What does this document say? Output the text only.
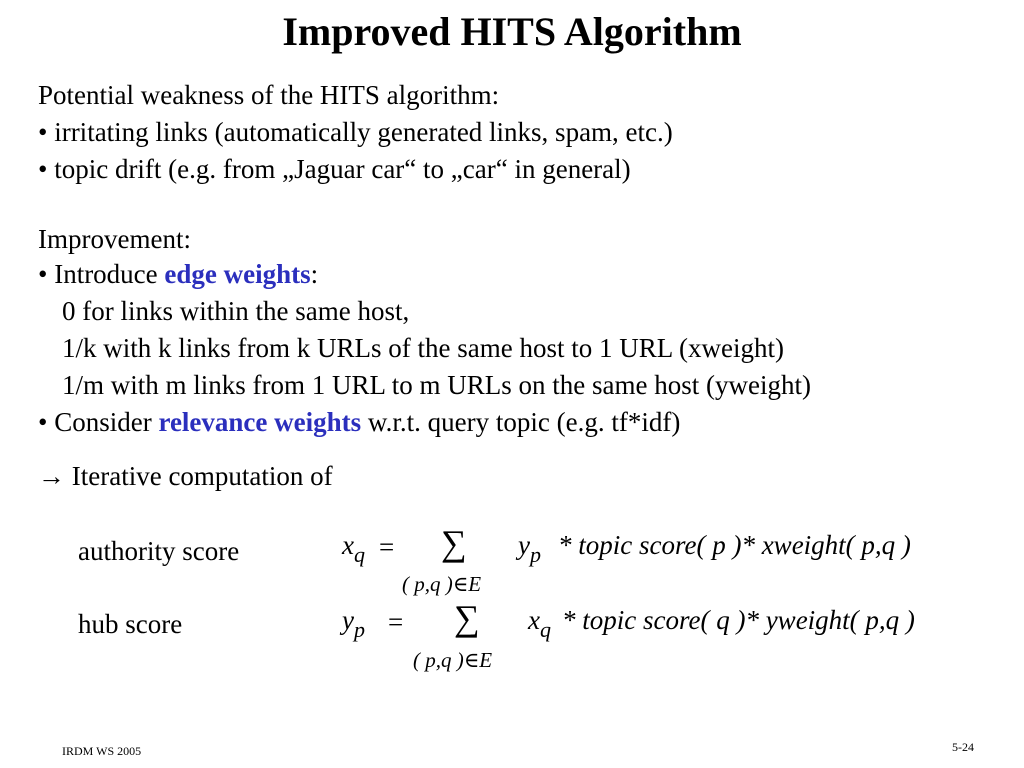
Improved HITS Algorithm
Potential weakness of the HITS algorithm:
• irritating links (automatically generated links, spam, etc.)
• topic drift (e.g. from „Jaguar car“ to „car“ in general)
Improvement:
• Introduce edge weights:
0 for links within the same host,
1/k with k links from k URLs of the same host to 1 URL (xweight)
1/m with m links from 1 URL to m URLs on the same host (yweight)
• Consider relevance weights w.r.t. query topic (e.g. tf*idf)
→ Iterative computation of
authority score	$x_q$ = ∑
( p,q )∈E
$y_p$ * topic score( p )* xweight( p,q )
hub score	$y_p$ = ∑
( p,q )∈E
$x_q$ * topic score( q )* yweight( p,q )
IRDM WS 2005	5-24
